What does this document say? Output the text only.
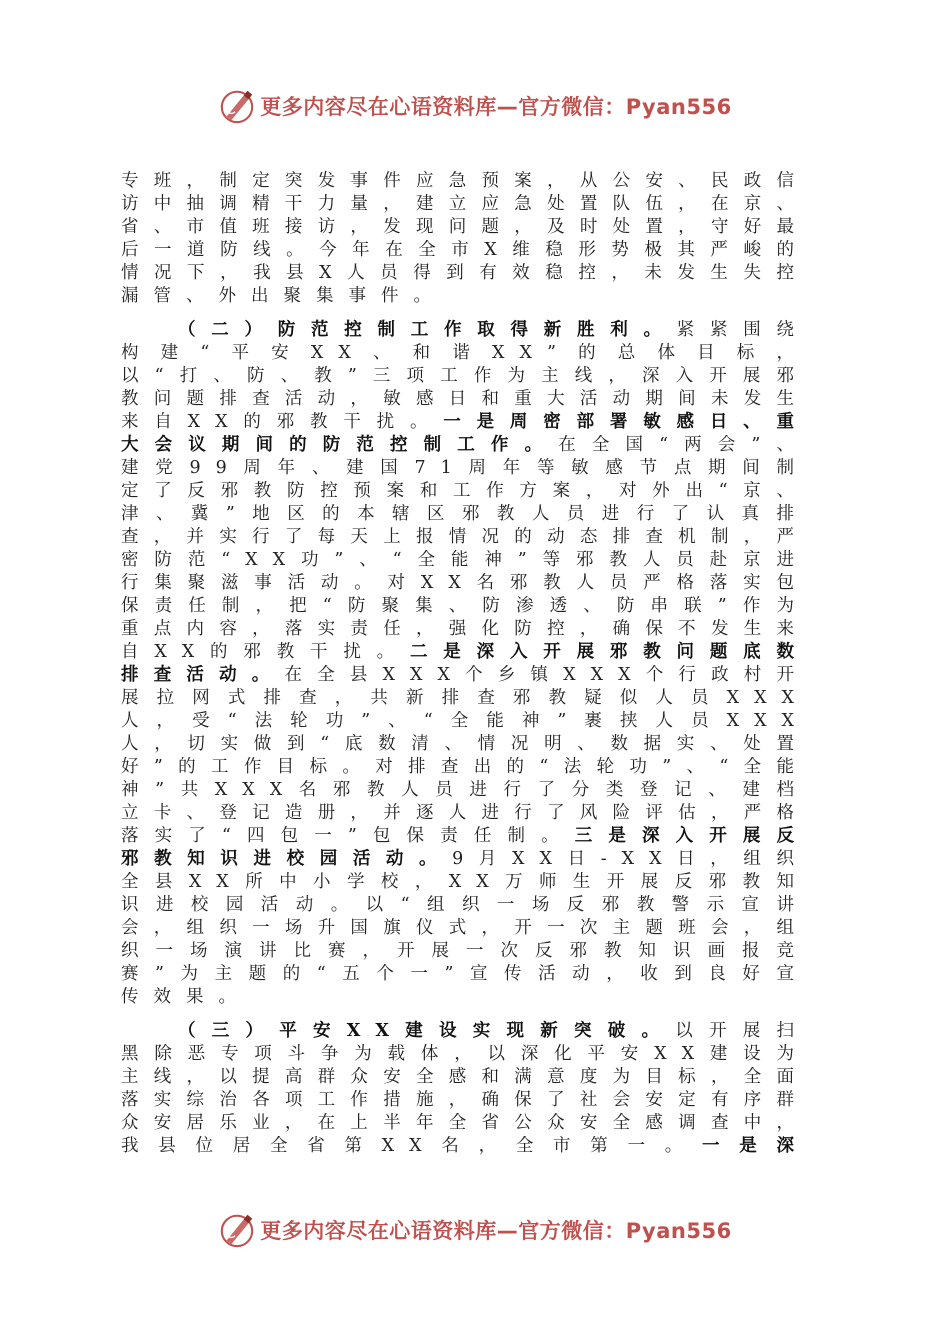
更多内容尽在心语资料库—官方微信：Pyan556

专班，制定突发事件应急预案，从公安、民政信访中抽调精干力量，建立应急处置队伍，在京、省、市值班接访，发现问题，及时处置，守好最后一道防线。今年在全市X维稳形势极其严峻的情况下，我县X人员得到有效稳控，未发生失控漏管、外出聚集事件。

（二）防范控制工作取得新胜利。紧紧围绕构建“平安XX、和谐XX”的总体目标，以“打、防、教”三项工作为主线，深入开展邪教问题排查活动，敏感日和重大活动期间未发生来自XX的邪教干扰。一是周密部署敏感日、重大会议期间的防范控制工作。在全国“两会”、建党99周年、建国71周年等敏感节点期间制定了反邪教防控预案和工作方案，对外出“京、津、冀”地区的本辖区邪教人员进行了认真排查，并实行了每天上报情况的动态排查机制，严密防范“XX功”、“全能神”等邪教人员赴京进行集聚滋事活动。对XX名邪教人员严格落实包保责任制，把“防聚集、防渗透、防串联”作为重点内容，落实责任，强化防控，确保不发生来自XX的邪教干扰。二是深入开展邪教问题底数排查活动。在全县XXX个乡镇XXX个行政村开展拉网式排查，共新排查邪教疑似人员XXX人，受“法轮功”、“全能神”裹挟人员XXX人，切实做到“底数清、情况明、数据实、处置好”的工作目标。对排查出的“法轮功”、“全能神”共XXX名邪教人员进行了分类登记、建档立卡、登记造册，并逐人进行了风险评估，严格落实了“四包一”包保责任制。三是深入开展反邪教知识进校园活动。9月XX日-XX日，组织全县XX所中小学校，XX万师生开展反邪教知识进校园活动。以“组织一场反邪教警示宣讲会，组织一场升国旗仪式，开一次主题班会，组织一场演讲比赛，开展一次反邪教知识画报竞赛”为主题的“五个一”宣传活动，收到良好宣传效果。

（三）平安XX建设实现新突破。以开展扫黑除恶专项斗争为载体，以深化平安XX建设为主线，以提高群众安全感和满意度为目标，全面落实综治各项工作措施，确保了社会安定有序群众安居乐业，在上半年全省公众安全感调查中，我县位居全省第XX名，全市第一。一是深

更多内容尽在心语资料库—官方微信：Pyan556
